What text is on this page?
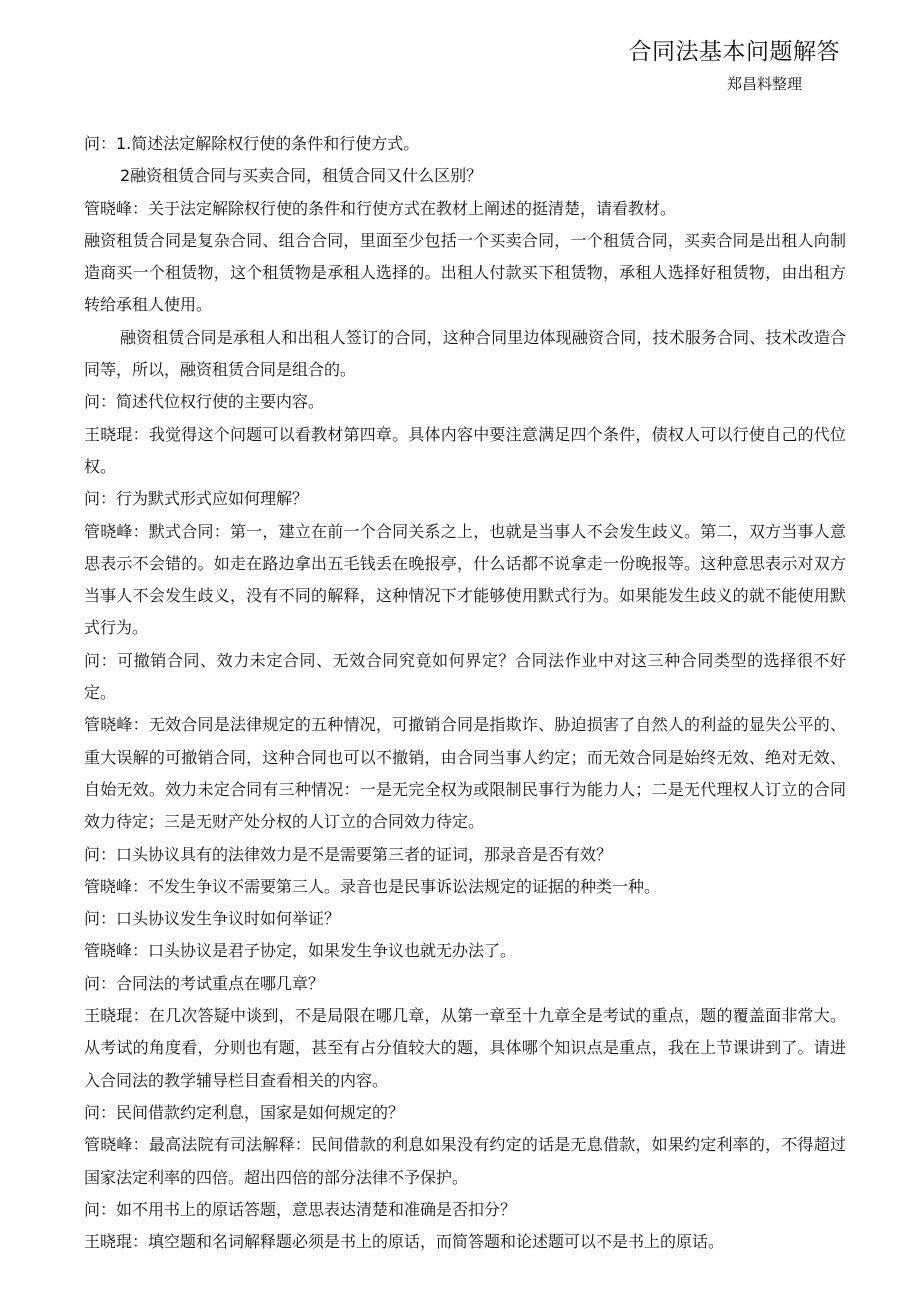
合同法基本问题解答
郑昌料整理

问：1.简述法定解除权行使的条件和行使方式。

2融资租赁合同与买卖合同，租赁合同又什么区别？

管晓峰：关于法定解除权行使的条件和行使方式在教材上阐述的挺清楚，请看教材。

融资租赁合同是复杂合同、组合合同，里面至少包括一个买卖合同，一个租赁合同，买卖合同是出租人向制造商买一个租赁物，这个租赁物是承租人选择的。出租人付款买下租赁物，承租人选择好租赁物，由出租方转给承租人使用。

融资租赁合同是承租人和出租人签订的合同，这种合同里边体现融资合同，技术服务合同、技术改造合同等，所以，融资租赁合同是组合的。

问：简述代位权行使的主要内容。

王晓琨：我觉得这个问题可以看教材第四章。具体内容中要注意满足四个条件，债权人可以行使自己的代位权。

问：行为默式形式应如何理解？

管晓峰：默式合同：第一，建立在前一个合同关系之上，也就是当事人不会发生歧义。第二，双方当事人意思表示不会错的。如走在路边拿出五毛钱丢在晚报亭，什么话都不说拿走一份晚报等。这种意思表示对双方当事人不会发生歧义，没有不同的解释，这种情况下才能够使用默式行为。如果能发生歧义的就不能使用默式行为。

问：可撤销合同、效力未定合同、无效合同究竟如何界定？合同法作业中对这三种合同类型的选择很不好定。

管晓峰：无效合同是法律规定的五种情况，可撤销合同是指欺诈、胁迫损害了自然人的利益的显失公平的、重大误解的可撤销合同，这种合同也可以不撤销，由合同当事人约定；而无效合同是始终无效、绝对无效、自始无效。效力未定合同有三种情况：一是无完全权为或限制民事行为能力人；二是无代理权人订立的合同效力待定；三是无财产处分权的人订立的合同效力待定。

问：口头协议具有的法律效力是不是需要第三者的证词，那录音是否有效？

管晓峰：不发生争议不需要第三人。录音也是民事诉讼法规定的证据的种类一种。

问：口头协议发生争议时如何举证？

管晓峰：口头协议是君子协定，如果发生争议也就无办法了。

问：合同法的考试重点在哪几章？

王晓琨：在几次答疑中谈到，不是局限在哪几章，从第一章至十九章全是考试的重点，题的覆盖面非常大。从考试的角度看，分则也有题，甚至有占分值较大的题，具体哪个知识点是重点，我在上节课讲到了。请进入合同法的教学辅导栏目查看相关的内容。

问：民间借款约定利息，国家是如何规定的？

管晓峰：最高法院有司法解释：民间借款的利息如果没有约定的话是无息借款，如果约定利率的，不得超过国家法定利率的四倍。超出四倍的部分法律不予保护。

问：如不用书上的原话答题，意思表达清楚和准确是否扣分？

王晓琨：填空题和名词解释题必须是书上的原话，而简答题和论述题可以不是书上的原话。
